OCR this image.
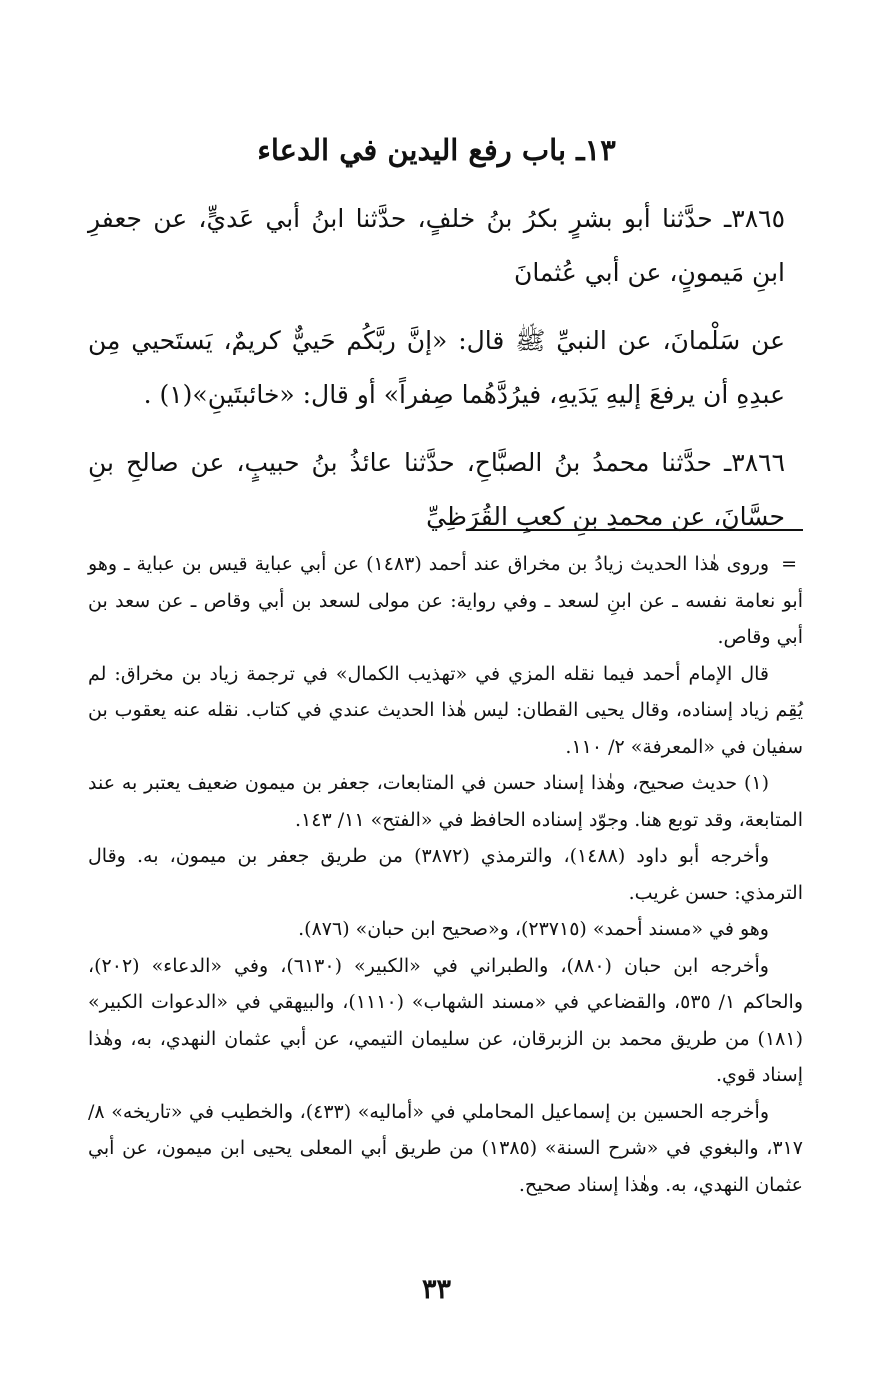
١٣ـ باب رفع اليدين في الدعاء

٣٨٦٥ـ حدَّثنا أبو بشرٍ بكرُ بنُ خلفٍ، حدَّثنا ابنُ أبي عَديٍّ، عن جعفرِ ابنِ مَيمونٍ، عن أبي عُثمانَ

عن سَلْمانَ، عن النبيِّ ﷺ قال: «إنَّ ربَّكُم حَييٌّ كريمٌ، يَستَحيي مِن عبدِهِ أن يرفعَ إليهِ يَدَيهِ، فيرُدَّهُما صِفراً» أو قال: «خائبتَينِ»(١) .

٣٨٦٦ـ حدَّثنا محمدُ بنُ الصبَّاحِ، حدَّثنا عائذُ بنُ حبيبٍ، عن صالحِ بنِ حسَّانَ، عن محمدِ بنِ كعبِ القُرَظِيِّ

=
وروى هٰذا الحديث زيادُ بن مخراق عند أحمد (١٤٨٣) عن أبي عباية قيس بن عباية ـ وهو أبو نعامة نفسه ـ عن ابنِ لسعد ـ وفي رواية: عن مولى لسعد بن أبي وقاص ـ عن سعد بن أبي وقاص.

قال الإمام أحمد فيما نقله المزي في «تهذيب الكمال» في ترجمة زياد بن مخراق: لم يُقِم زياد إسناده، وقال يحيى القطان: ليس هٰذا الحديث عندي في كتاب. نقله عنه يعقوب بن سفيان في «المعرفة» ٢/ ١١٠.

(١) حديث صحيح، وهٰذا إسناد حسن في المتابعات، جعفر بن ميمون ضعيف يعتبر به عند المتابعة، وقد توبع هنا. وجوّد إسناده الحافظ في «الفتح» ١١/ ١٤٣.

وأخرجه أبو داود (١٤٨٨)، والترمذي (٣٨٧٢) من طريق جعفر بن ميمون، به. وقال الترمذي: حسن غريب.

وهو في «مسند أحمد» (٢٣٧١٥)، و«صحيح ابن حبان» (٨٧٦).

وأخرجه ابن حبان (٨٨٠)، والطبراني في «الكبير» (٦١٣٠)، وفي «الدعاء» (٢٠٢)، والحاكم ١/ ٥٣٥، والقضاعي في «مسند الشهاب» (١١١٠)، والبيهقي في «الدعوات الكبير» (١٨١) من طريق محمد بن الزبرقان، عن سليمان التيمي، عن أبي عثمان النهدي، به، وهٰذا إسناد قوي.

وأخرجه الحسين بن إسماعيل المحاملي في «أماليه» (٤٣٣)، والخطيب في «تاريخه» ٨/ ٣١٧، والبغوي في «شرح السنة» (١٣٨٥) من طريق أبي المعلى يحيى ابن ميمون، عن أبي عثمان النهدي، به. وهٰذا إسناد صحيح.

٣٣
